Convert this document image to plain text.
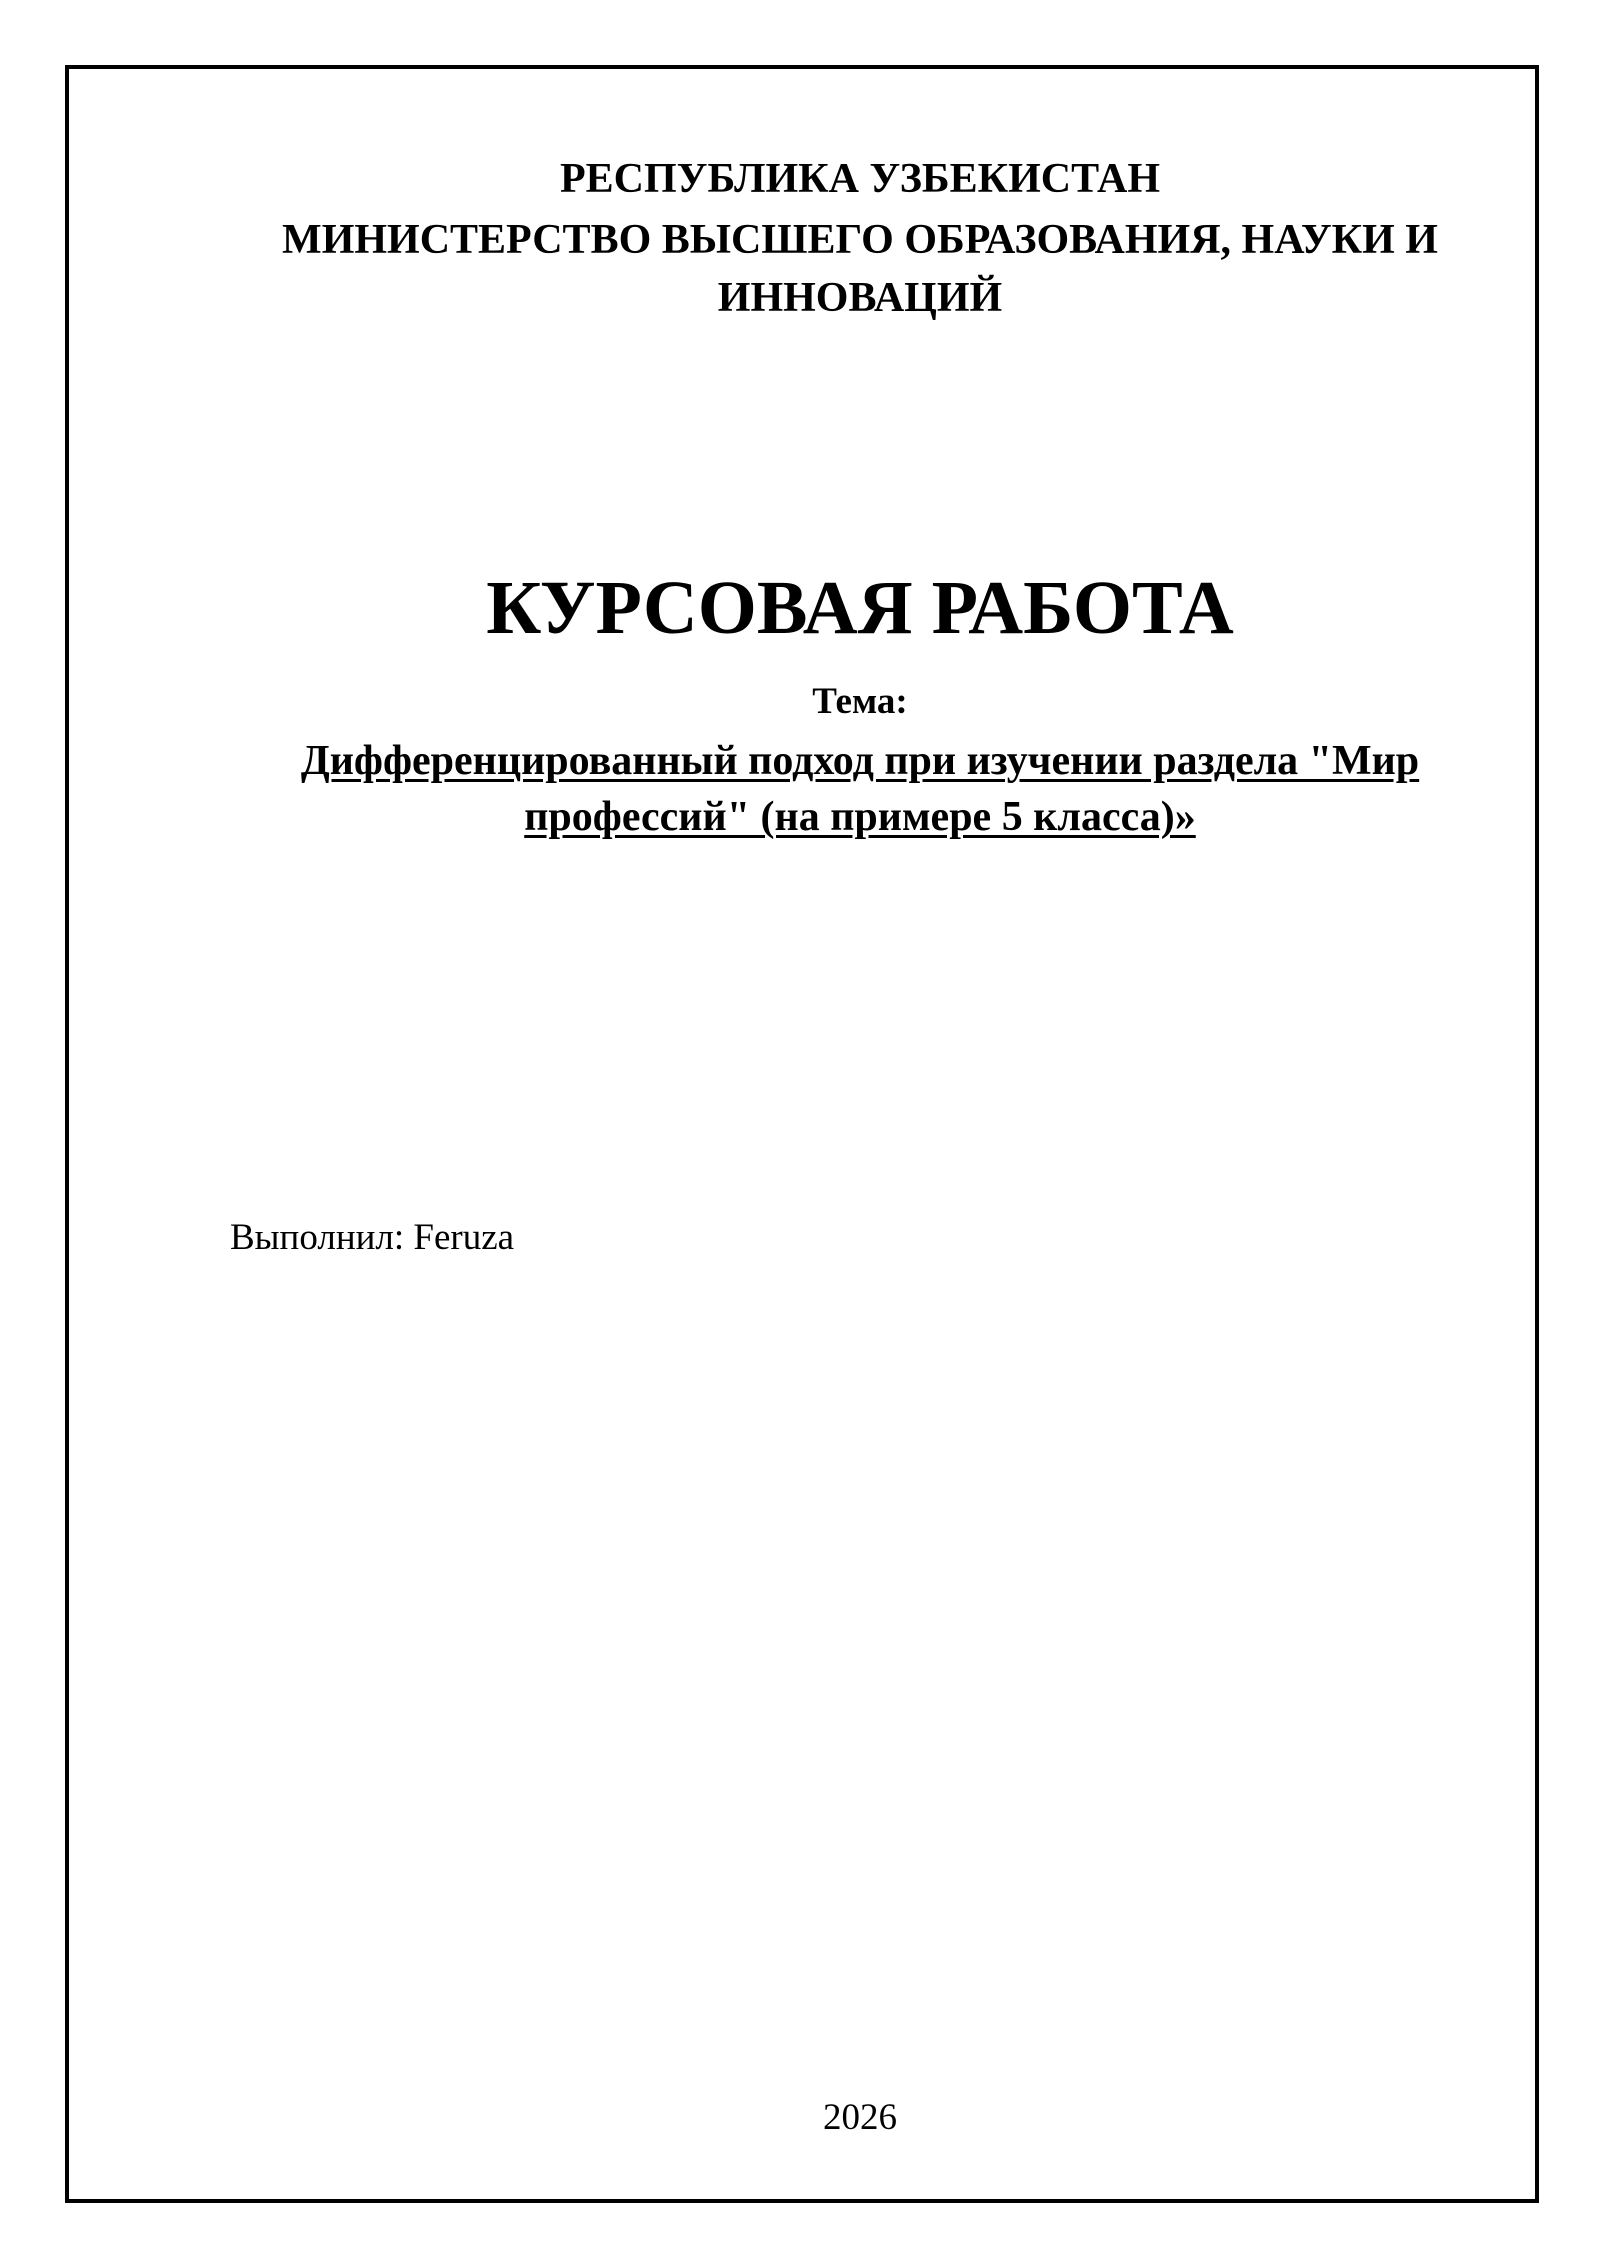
РЕСПУБЛИКА УЗБЕКИСТАН
МИНИСТЕРСТВО ВЫСШЕГО ОБРАЗОВАНИЯ, НАУКИ И ИННОВАЦИЙ
КУРСОВАЯ РАБОТА
Тема:
Дифференцированный подход при изучении раздела "Мир профессий" (на примере 5 класса)»
Выполнил: Feruza
2026
